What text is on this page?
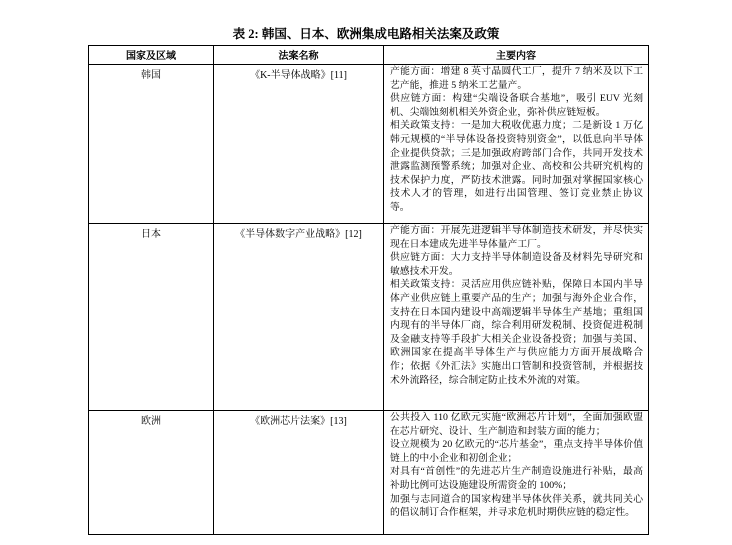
表 2: 韩国、日本、欧洲集成电路相关法案及政策
国家及区域	法案名称	主要内容
韩国	《K-半导体战略》[11]	产能方面：增建 8 英寸晶圆代工厂，提升 7 纳米及以下工艺产能，推进 5 纳米工艺量产。

供应链方面：构建“尖端设备联合基地”，吸引 EUV 光刻机、尖端蚀刻机相关外资企业，弥补供应链短板。

相关政策支持：一是加大税收优惠力度；二是新设 1 万亿韩元规模的“半导体设备投资特别资金”，以低息向半导体企业提供贷款；三是加强政府跨部门合作，共同开发技术泄露监测预警系统；加强对企业、高校和公共研究机构的技术保护力度，严防技术泄露。同时加强对掌握国家核心技术人才的管理，如进行出国管理、签订竞业禁止协议等。

日本	《半导体数字产业战略》[12]	产能方面：开展先进逻辑半导体制造技术研发，并尽快实现在日本建成先进半导体量产工厂。

供应链方面：大力支持半导体制造设备及材料先导研究和敏感技术开发。

相关政策支持：灵活应用供应链补贴，保障日本国内半导体产业供应链上重要产品的生产；加强与海外企业合作，支持在日本国内建设中高端逻辑半导体生产基地；重组国内现有的半导体厂商，综合利用研发税制、投资促进税制及金融支持等手段扩大相关企业设备投资；加强与美国、欧洲国家在提高半导体生产与供应能力方面开展战略合作；依据《外汇法》实施出口管制和投资管制，并根据技术外流路径，综合制定防止技术外流的对策。

欧洲	《欧洲芯片法案》[13]	公共投入 110 亿欧元实施“欧洲芯片计划”，全面加强欧盟在芯片研究、设计、生产制造和封装方面的能力；

设立规模为 20 亿欧元的“芯片基金”，重点支持半导体价值链上的中小企业和初创企业；

对具有“首创性”的先进芯片生产制造设施进行补贴，最高补助比例可达设施建设所需资金的 100%；

加强与志同道合的国家构建半导体伙伴关系，就共同关心的倡议制订合作框架，并寻求危机时期供应链的稳定性。
